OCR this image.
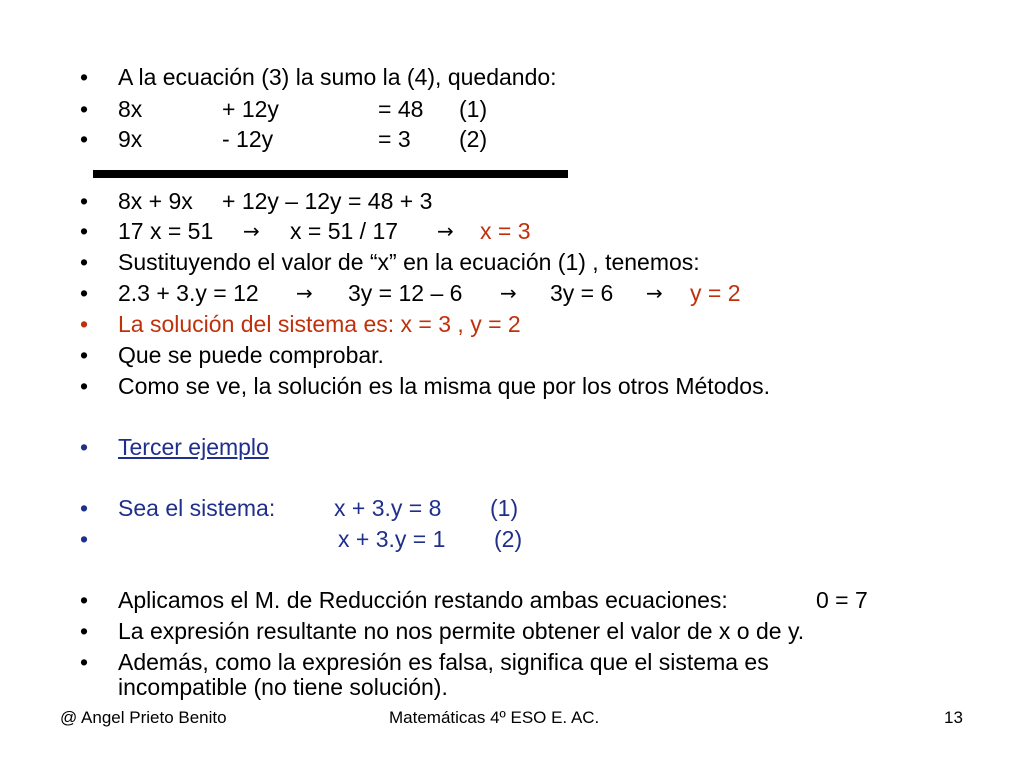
•	A la ecuación (3) la sumo la (4), quedando:
•	8x	+ 12y	= 48 (1)
•	9x	- 12y	= 3 (2)
•	8x + 9x + 12y – 12y = 48 + 3
•	17 x = 51 → x = 51 / 17 → x = 3
•	Sustituyendo el valor de “x” en la ecuación (1) , tenemos:
•	2.3 + 3.y = 12 → 3y = 12 – 6 → 3y = 6 → y = 2
•	La solución del sistema es: x = 3 , y = 2
•	Que se puede comprobar.
•	Como se ve, la solución es la misma que por los otros Métodos.
•	Tercer ejemplo
•	Sea el sistema:	x + 3.y = 8 (1)
•	x + 3.y = 1 (2)
•	Aplicamos el M. de Reducción restando ambas ecuaciones:	0 = 7
•	La expresión resultante no nos permite obtener el valor de x o de y.
•	Además, como la expresión es falsa, significa que el sistema es
incompatible (no tiene solución).
@ Angel Prieto Benito	Matemáticas 4º ESO E. AC.	13
